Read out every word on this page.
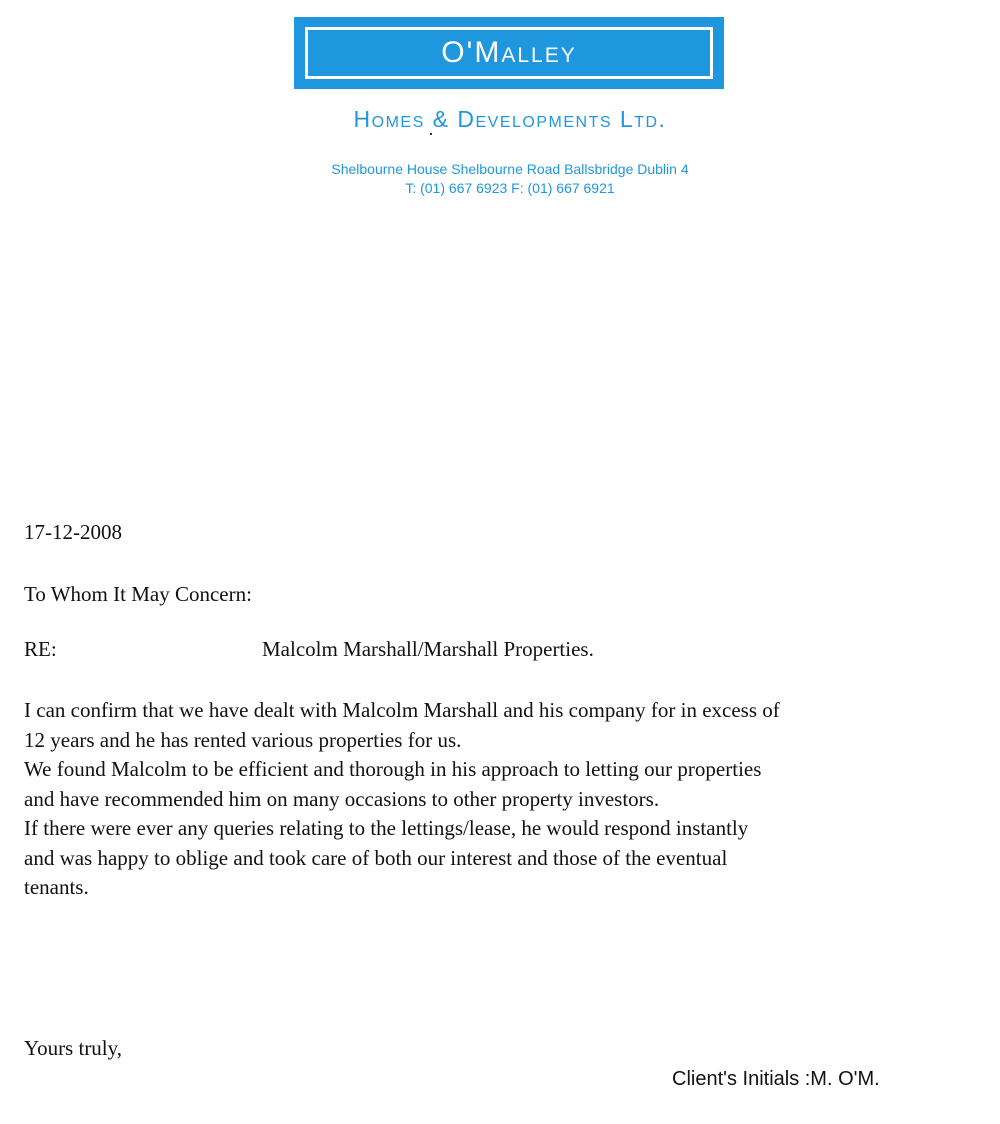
O'Malley
Homes & Developments Ltd.
Shelbourne House Shelbourne Road Ballsbridge Dublin 4
T: (01) 667 6923 F: (01) 667 6921

17-12-2008

To Whom It May Concern:

RE:	Malcolm Marshall/Marshall Properties.

I can confirm that we have dealt with Malcolm Marshall and his company for in excess of
12 years and he has rented various properties for us.
We found Malcolm to be efficient and thorough in his approach to letting our properties
and have recommended him on many occasions to other property investors.
If there were ever any queries relating to the lettings/lease, he would respond instantly
and was happy to oblige and took care of both our interest and those of the eventual
tenants.

Yours truly,

Client's Initials :M. O'M.
